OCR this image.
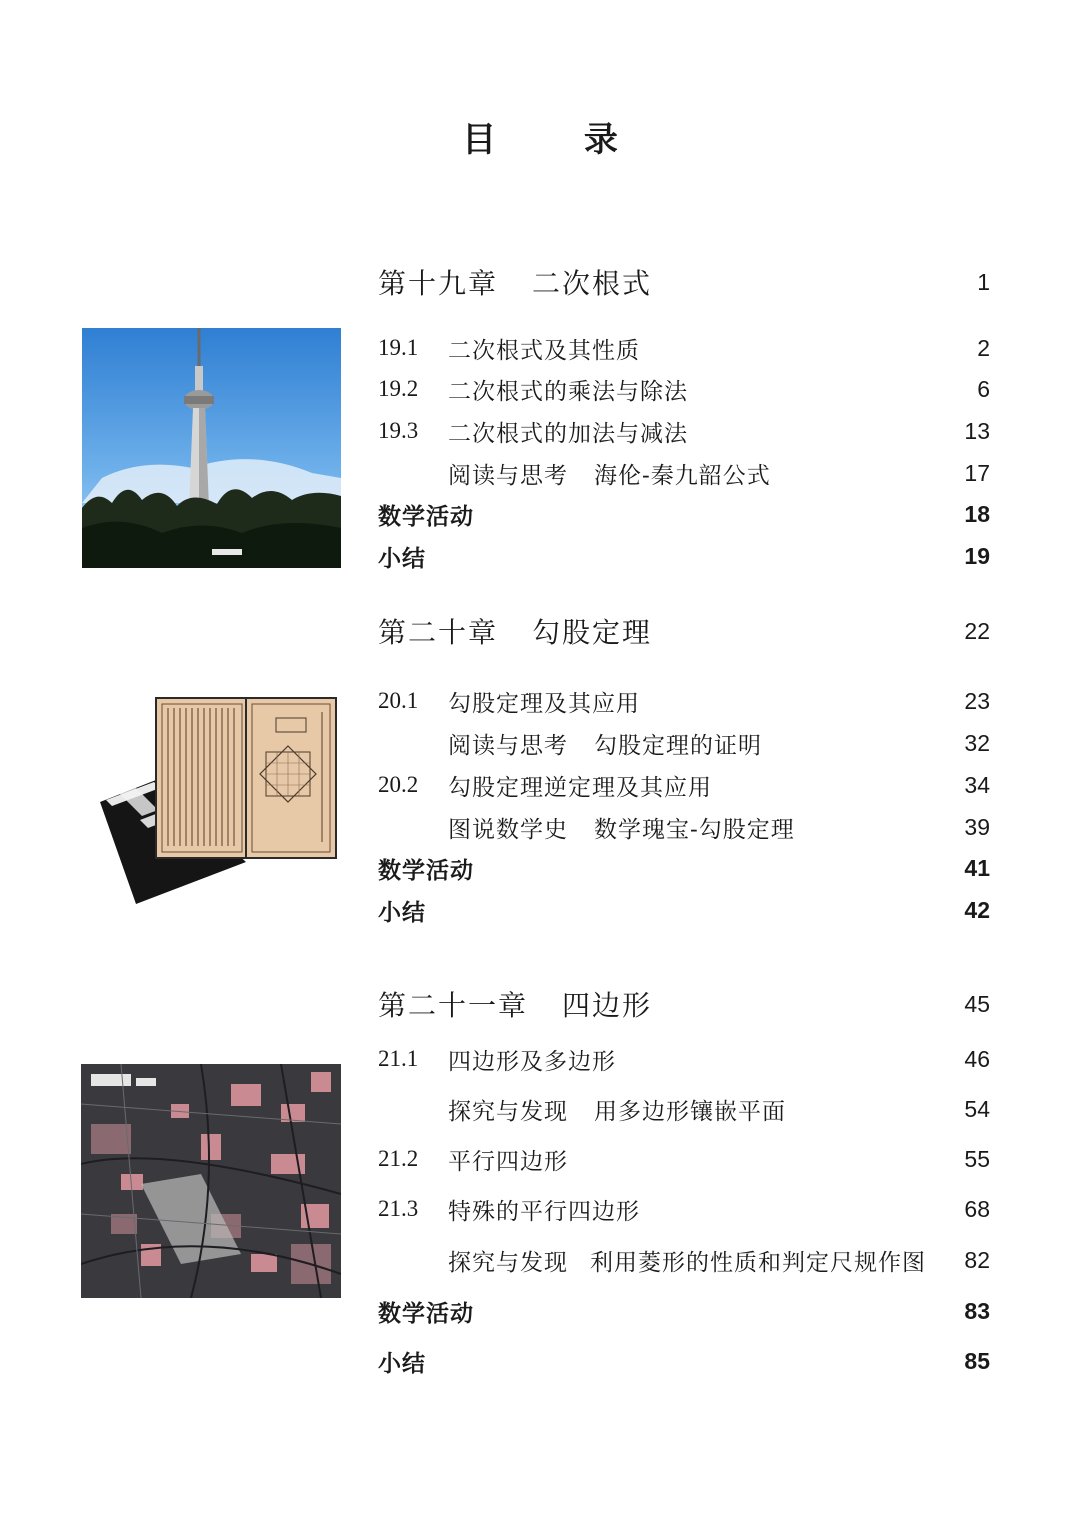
目 录
第十九章 二次根式	1
19.1	二次根式及其性质	2
19.2	二次根式的乘法与除法	6
19.3	二次根式的加法与减法	13
阅读与思考 海伦-秦九韶公式	17
数学活动	18
小结	19
第二十章 勾股定理	22
20.1	勾股定理及其应用	23
阅读与思考 勾股定理的证明	32
20.2	勾股定理逆定理及其应用	34
图说数学史 数学瑰宝-勾股定理	39
数学活动	41
小结	42
第二十一章 四边形	45
21.1	四边形及多边形	46
探究与发现 用多边形镶嵌平面	54
21.2	平行四边形	55
21.3	特殊的平行四边形	68
探究与发现 利用菱形的性质和判定尺规作图	82
数学活动	83
小结	85
